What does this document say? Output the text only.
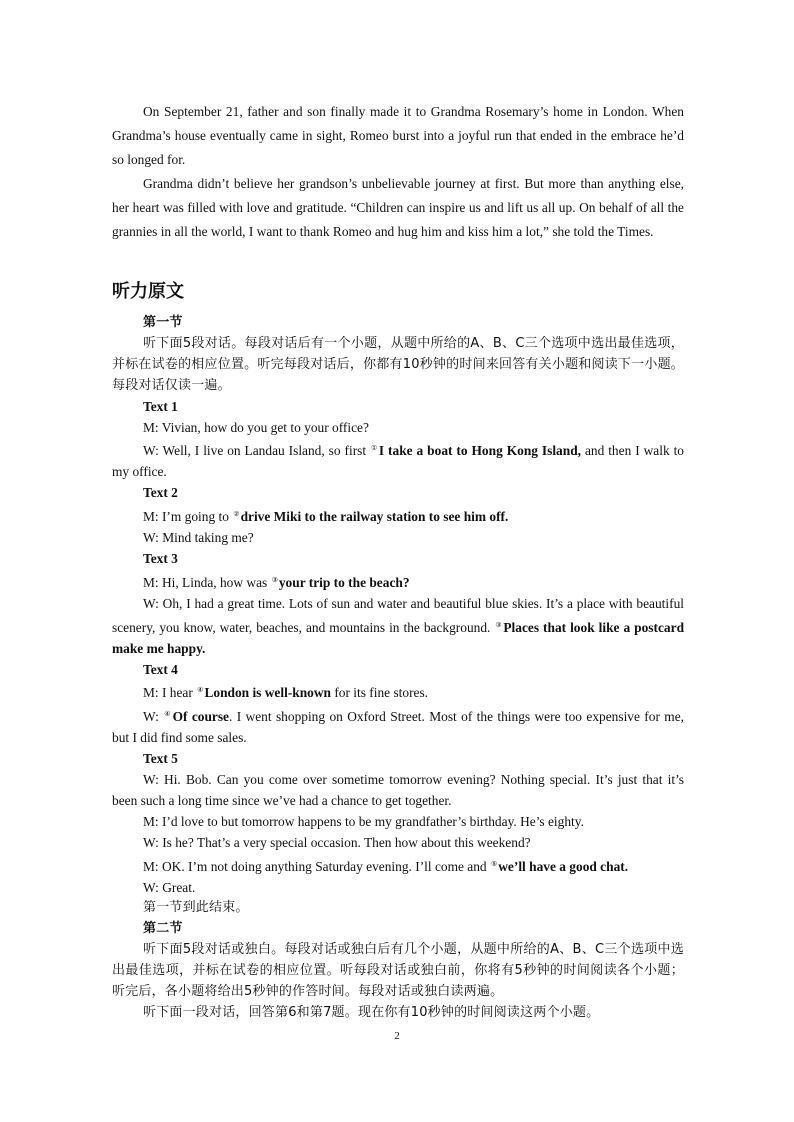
On September 21, father and son finally made it to Grandma Rosemary’s home in London. When Grandma’s house eventually came in sight, Romeo burst into a joyful run that ended in the embrace he’d so longed for.

Grandma didn’t believe her grandson’s unbelievable journey at first. But more than anything else, her heart was filled with love and gratitude. “Children can inspire us and lift us all up. On behalf of all the grannies in all the world, I want to thank Romeo and hug him and kiss him a lot,” she told the Times.

听力原文
第一节
听下面5段对话。每段对话后有一个小题，从题中所给的A、B、C三个选项中选出最佳选项，并标在试卷的相应位置。听完每段对话后，你都有10秒钟的时间来回答有关小题和阅读下一小题。每段对话仅读一遍。
Text 1
M: Vivian, how do you get to your office?
W: Well, I live on Landau Island, so first ①I take a boat to Hong Kong Island, and then I walk to my office.
Text 2
M: I’m going to ②drive Miki to the railway station to see him off.
W: Mind taking me?
Text 3
M: Hi, Linda, how was ③your trip to the beach?
W: Oh, I had a great time. Lots of sun and water and beautiful blue skies. It’s a place with beautiful scenery, you know, water, beaches, and mountains in the background. ③Places that look like a postcard make me happy.
Text 4
M: I hear ④London is well-known for its fine stores.
W: ④Of course. I went shopping on Oxford Street. Most of the things were too expensive for me, but I did find some sales.
Text 5
W: Hi. Bob. Can you come over sometime tomorrow evening? Nothing special. It’s just that it’s been such a long time since we’ve had a chance to get together.
M: I’d love to but tomorrow happens to be my grandfather’s birthday. He’s eighty.
W: Is he? That’s a very special occasion. Then how about this weekend?
M: OK. I’m not doing anything Saturday evening. I’ll come and ⑤we’ll have a good chat.
W: Great.
第一节到此结束。
第二节
听下面5段对话或独白。每段对话或独白后有几个小题，从题中所给的A、B、C三个选项中选出最佳选项，并标在试卷的相应位置。听每段对话或独白前，你将有5秒钟的时间阅读各个小题；听完后，各小题将给出5秒钟的作答时间。每段对话或独白读两遍。
听下面一段对话，回答第6和第7题。现在你有10秒钟的时间阅读这两个小题。
2
